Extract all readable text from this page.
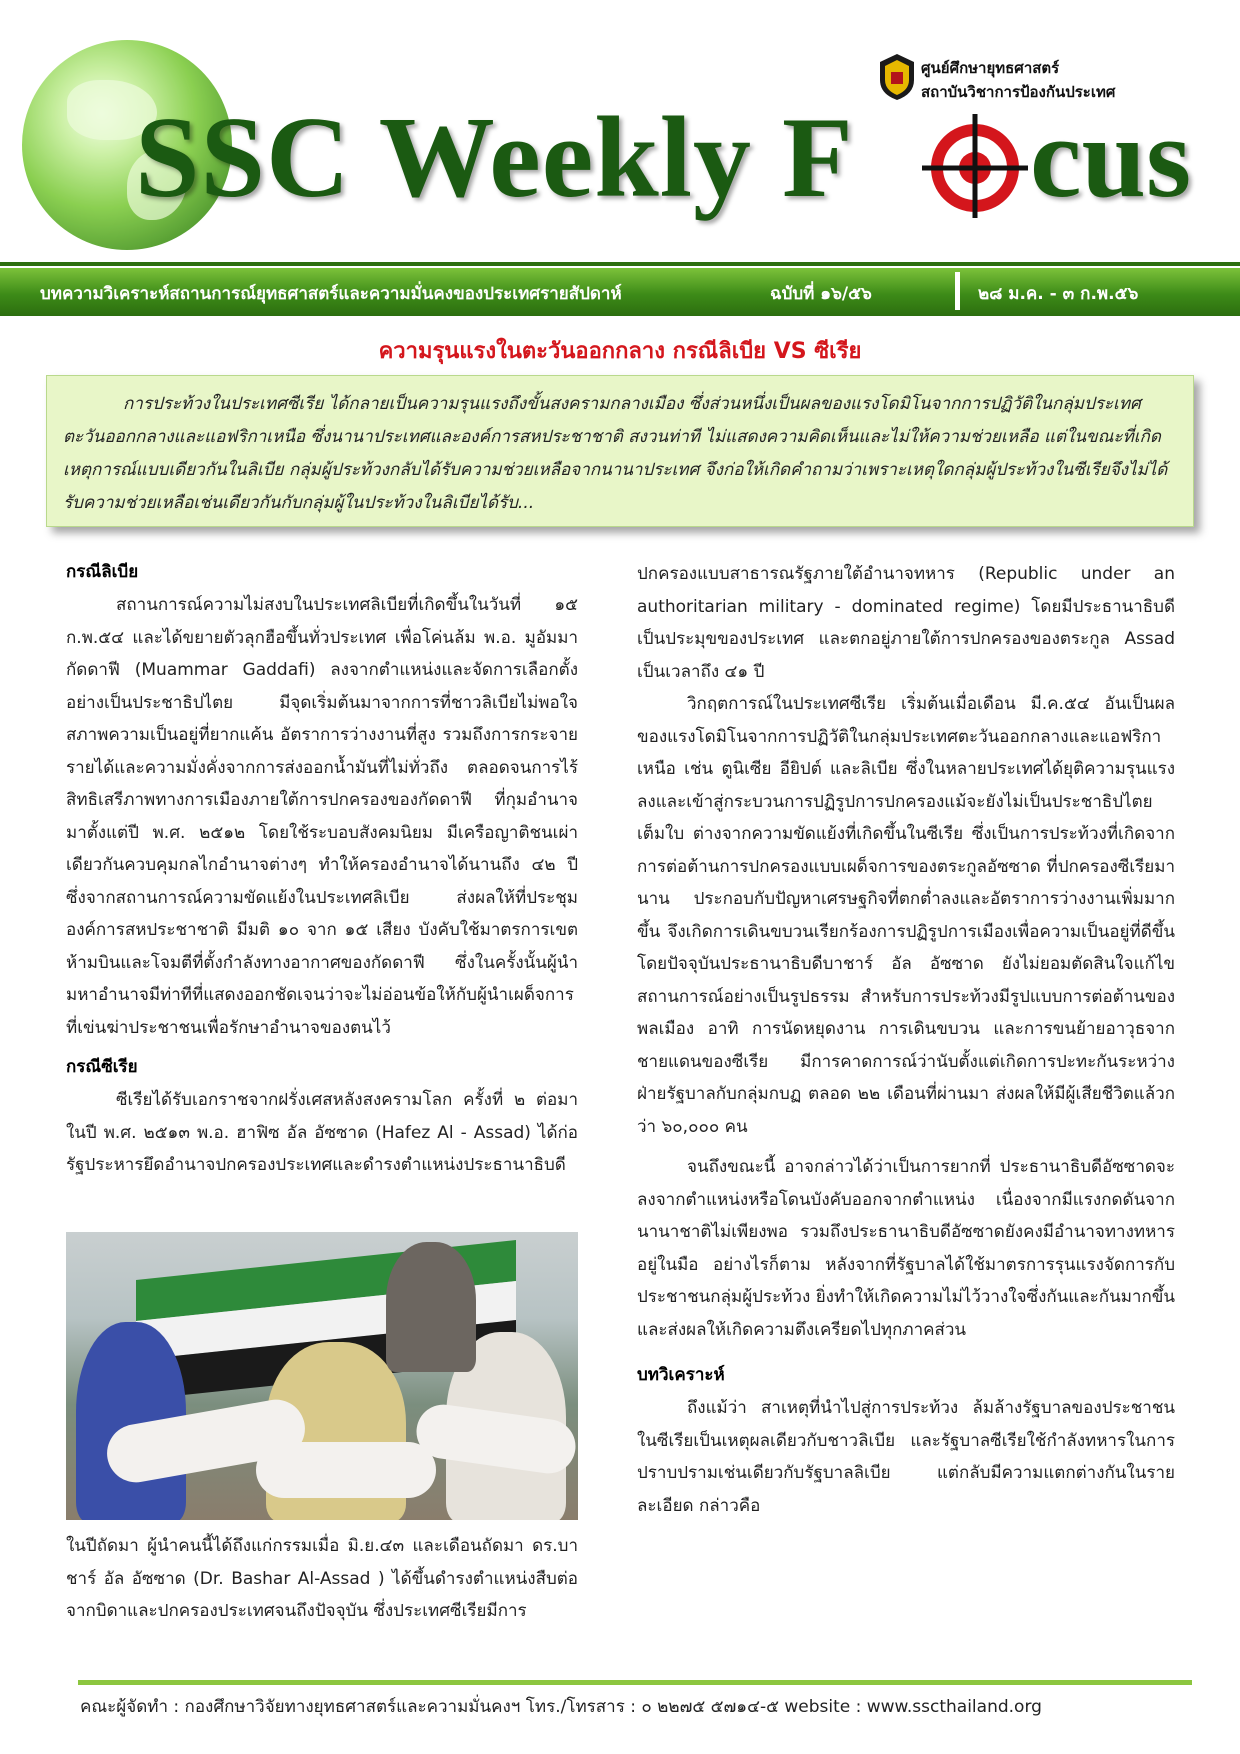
SSC Weekly F cus
ศูนย์ศึกษายุทธศาสตร์
สถาบันวิชาการป้องกันประเทศ
บทความวิเคราะห์สถานการณ์ยุทธศาสตร์และความมั่นคงของประเทศรายสัปดาห์	ฉบับที่ ๑๖/๕๖	๒๘ ม.ค. - ๓ ก.พ.๕๖
ความรุนแรงในตะวันออกกลาง กรณีลิเบีย VS ซีเรีย

การประท้วงในประเทศซีเรีย ได้กลายเป็นความรุนแรงถึงขั้นสงครามกลางเมือง ซึ่งส่วนหนึ่งเป็นผลของแรงโดมิโนจากการปฏิวัติในกลุ่มประเทศตะวันออกกลางและแอฟริกาเหนือ ซึ่งนานาประเทศและองค์การสหประชาชาติ สงวนท่าที ไม่แสดงความคิดเห็นและไม่ให้ความช่วยเหลือ แต่ในขณะที่เกิดเหตุการณ์แบบเดียวกันในลิเบีย กลุ่มผู้ประท้วงกลับได้รับความช่วยเหลือจากนานาประเทศ จึงก่อให้เกิดคำถามว่าเพราะเหตุใดกลุ่มผู้ประท้วงในซีเรียจึงไม่ได้รับความช่วยเหลือเช่นเดียวกันกับกลุ่มผู้ในประท้วงในลิเบียได้รับ...

กรณีลิเบีย

สถานการณ์ความไม่สงบในประเทศลิเบียที่เกิดขึ้นในวันที่ ๑๕ ก.พ.๕๔ และได้ขยายตัวลุกฮือขึ้นทั่วประเทศ เพื่อโค่นล้ม พ.อ. มูอัมมา กัดดาฟี (Muammar Gaddafi) ลงจากตำแหน่งและจัดการเลือกตั้งอย่างเป็นประชาธิปไตย มีจุดเริ่มต้นมาจากการที่ชาวลิเบียไม่พอใจสภาพความเป็นอยู่ที่ยากแค้น อัตราการว่างงานที่สูง รวมถึงการกระจายรายได้และความมั่งคั่งจากการส่งออกน้ำมันที่ไม่ทั่วถึง ตลอดจนการไร้สิทธิเสรีภาพทางการเมืองภายใต้การปกครองของกัดดาฟี ที่กุมอำนาจมาตั้งแต่ปี พ.ศ. ๒๕๑๒ โดยใช้ระบอบสังคมนิยม มีเครือญาติชนเผ่าเดียวกันควบคุมกลไกอำนาจต่างๆ ทำให้ครองอำนาจได้นานถึง ๔๒ ปี ซึ่งจากสถานการณ์ความขัดแย้งในประเทศลิเบีย ส่งผลให้ที่ประชุมองค์การสหประชาชาติ มีมติ ๑๐ จาก ๑๕ เสียง บังคับใช้มาตรการเขตห้ามบินและโจมตีที่ตั้งกำลังทางอากาศของกัดดาฟี ซึ่งในครั้งนั้นผู้นำมหาอำนาจมีท่าทีที่แสดงออกชัดเจนว่าจะไม่อ่อนข้อให้กับผู้นำเผด็จการที่เข่นฆ่าประชาชนเพื่อรักษาอำนาจของตนไว้

กรณีซีเรีย

ซีเรียได้รับเอกราชจากฝรั่งเศสหลังสงครามโลก ครั้งที่ ๒ ต่อมาในปี พ.ศ. ๒๕๑๓ พ.อ. ฮาฟิซ อัล อัซซาด (Hafez Al - Assad) ได้ก่อรัฐประหารยึดอำนาจปกครองประเทศและดำรงตำแหน่งประธานาธิบดี

ในปีถัดมา ผู้นำคนนี้ได้ถึงแก่กรรมเมื่อ มิ.ย.๔๓ และเดือนถัดมา ดร.บาชาร์ อัล อัซซาด (Dr. Bashar Al-Assad ) ได้ขึ้นดำรงตำแหน่งสืบต่อจากบิดาและปกครองประเทศจนถึงปัจจุบัน ซึ่งประเทศซีเรียมีการ

ปกครองแบบสาธารณรัฐภายใต้อำนาจทหาร (Republic under an authoritarian military - dominated regime) โดยมีประธานาธิบดีเป็นประมุขของประเทศ และตกอยู่ภายใต้การปกครองของตระกูล Assad เป็นเวลาถึง ๔๑ ปี

วิกฤตการณ์ในประเทศซีเรีย เริ่มต้นเมื่อเดือน มี.ค.๕๔ อันเป็นผลของแรงโดมิโนจากการปฏิวัติในกลุ่มประเทศตะวันออกกลางและแอฟริกาเหนือ เช่น ตูนิเซีย อียิปต์ และลิเบีย ซึ่งในหลายประเทศได้ยุติความรุนแรงลงและเข้าสู่กระบวนการปฏิรูปการปกครองแม้จะยังไม่เป็นประชาธิปไตยเต็มใบ ต่างจากความขัดแย้งที่เกิดขึ้นในซีเรีย ซึ่งเป็นการประท้วงที่เกิดจากการต่อต้านการปกครองแบบเผด็จการของตระกูลอัซซาด ที่ปกครองซีเรียมานาน ประกอบกับปัญหาเศรษฐกิจที่ตกต่ำลงและอัตราการว่างงานเพิ่มมากขึ้น จึงเกิดการเดินขบวนเรียกร้องการปฏิรูปการเมืองเพื่อความเป็นอยู่ที่ดีขึ้น โดยปัจจุบันประธานาธิบดีบาชาร์ อัล อัซซาด ยังไม่ยอมตัดสินใจแก้ไขสถานการณ์อย่างเป็นรูปธรรม สำหรับการประท้วงมีรูปแบบการต่อต้านของพลเมือง อาทิ การนัดหยุดงาน การเดินขบวน และการขนย้ายอาวุธจากชายแดนของซีเรีย มีการคาดการณ์ว่านับตั้งแต่เกิดการปะทะกันระหว่างฝ่ายรัฐบาลกับกลุ่มกบฏ ตลอด ๒๒ เดือนที่ผ่านมา ส่งผลให้มีผู้เสียชีวิตแล้วกว่า ๖๐,๐๐๐ คน

จนถึงขณะนี้ อาจกล่าวได้ว่าเป็นการยากที่ ประธานาธิบดีอัซซาดจะลงจากตำแหน่งหรือโดนบังคับออกจากตำแหน่ง เนื่องจากมีแรงกดดันจากนานาชาติไม่เพียงพอ รวมถึงประธานาธิบดีอัซซาดยังคงมีอำนาจทางทหารอยู่ในมือ อย่างไรก็ตาม หลังจากที่รัฐบาลได้ใช้มาตรการรุนแรงจัดการกับประชาชนกลุ่มผู้ประท้วง ยิ่งทำให้เกิดความไม่ไว้วางใจซึ่งกันและกันมากขึ้น และส่งผลให้เกิดความตึงเครียดไปทุกภาคส่วน

บทวิเคราะห์

ถึงแม้ว่า สาเหตุที่นำไปสู่การประท้วง ล้มล้างรัฐบาลของประชาชนในซีเรียเป็นเหตุผลเดียวกับชาวลิเบีย และรัฐบาลซีเรียใช้กำลังทหารในการปราบปรามเช่นเดียวกับรัฐบาลลิเบีย แต่กลับมีความแตกต่างกันในรายละเอียด กล่าวคือ

คณะผู้จัดทำ : กองศึกษาวิจัยทางยุทธศาสตร์และความมั่นคงฯ โทร./โทรสาร : ๐ ๒๒๗๕ ๕๗๑๔-๕ website : www.sscthailand.org
